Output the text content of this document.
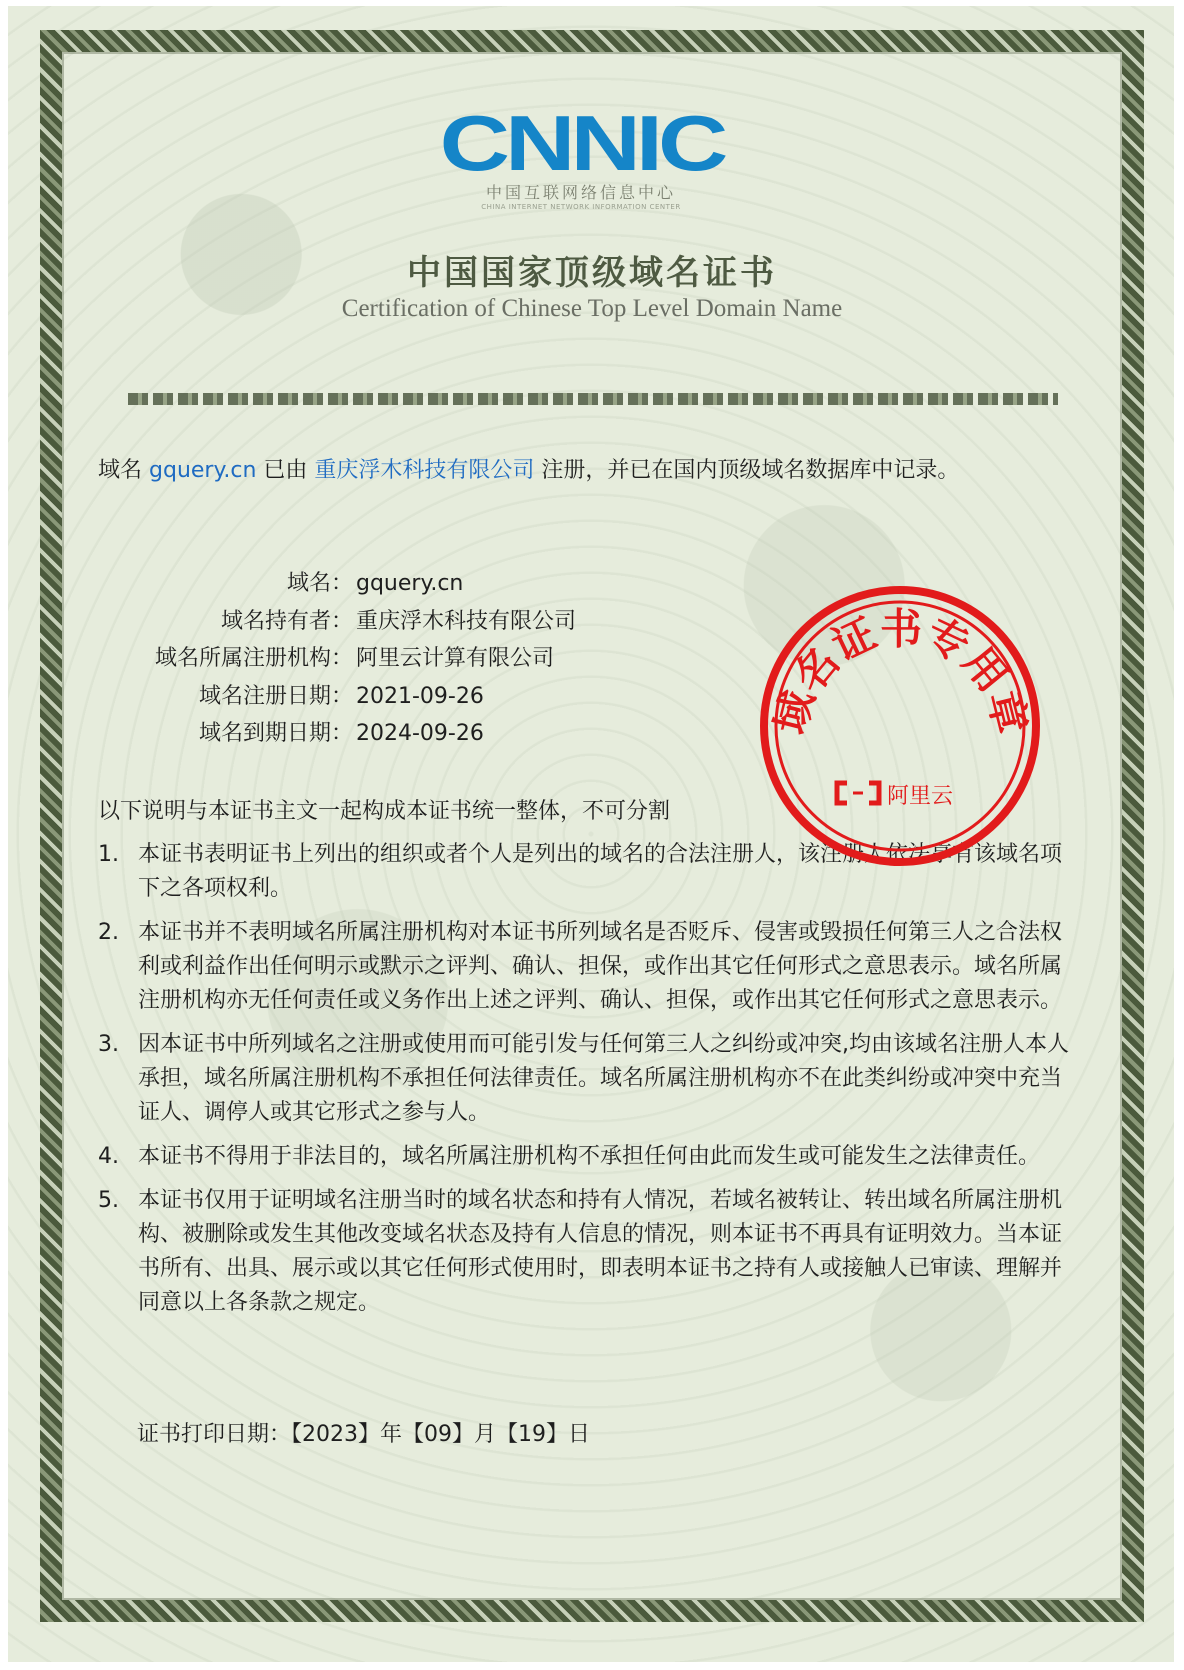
CNNIC
中国互联网络信息中心
CHINA INTERNET NETWORK INFORMATION CENTER
中国国家顶级域名证书
Certification of Chinese Top Level Domain Name
域名 gquery.cn 已由 重庆浮木科技有限公司 注册，并已在国内顶级域名数据库中记录。
域名 ： gquery.cn
域名持有者 ： 重庆浮木科技有限公司
域名所属注册机构 ： 阿里云计算有限公司
域名注册日期 ： 2021-09-26
域名到期日期 ： 2024-09-26
以下说明与本证书主文一起构成本证书统一整体，不可分割
1. 本证书表明证书上列出的组织或者个人是列出的域名的合法注册人，该注册人依法享有该域名项下之各项权利。
2. 本证书并不表明域名所属注册机构对本证书所列域名是否贬斥、侵害或毁损任何第三人之合法权利或利益作出任何明示或默示之评判、确认、担保，或作出其它任何形式之意思表示。域名所属注册机构亦无任何责任或义务作出上述之评判、确认、担保，或作出其它任何形式之意思表示。
3. 因本证书中所列域名之注册或使用而可能引发与任何第三人之纠纷或冲突,均由该域名注册人本人承担，域名所属注册机构不承担任何法律责任。域名所属注册机构亦不在此类纠纷或冲突中充当证人、调停人或其它形式之参与人。
4. 本证书不得用于非法目的，域名所属注册机构不承担任何由此而发生或可能发生之法律责任。
5. 本证书仅用于证明域名注册当时的域名状态和持有人情况，若域名被转让、转出域名所属注册机构、被删除或发生其他改变域名状态及持有人信息的情况，则本证书不再具有证明效力。当本证书所有、出具、展示或以其它任何形式使用时，即表明本证书之持有人或接触人已审读、理解并同意以上各条款之规定。
证书打印日期：【2023】年【09】月【19】日
域名证书专用章
阿里云
